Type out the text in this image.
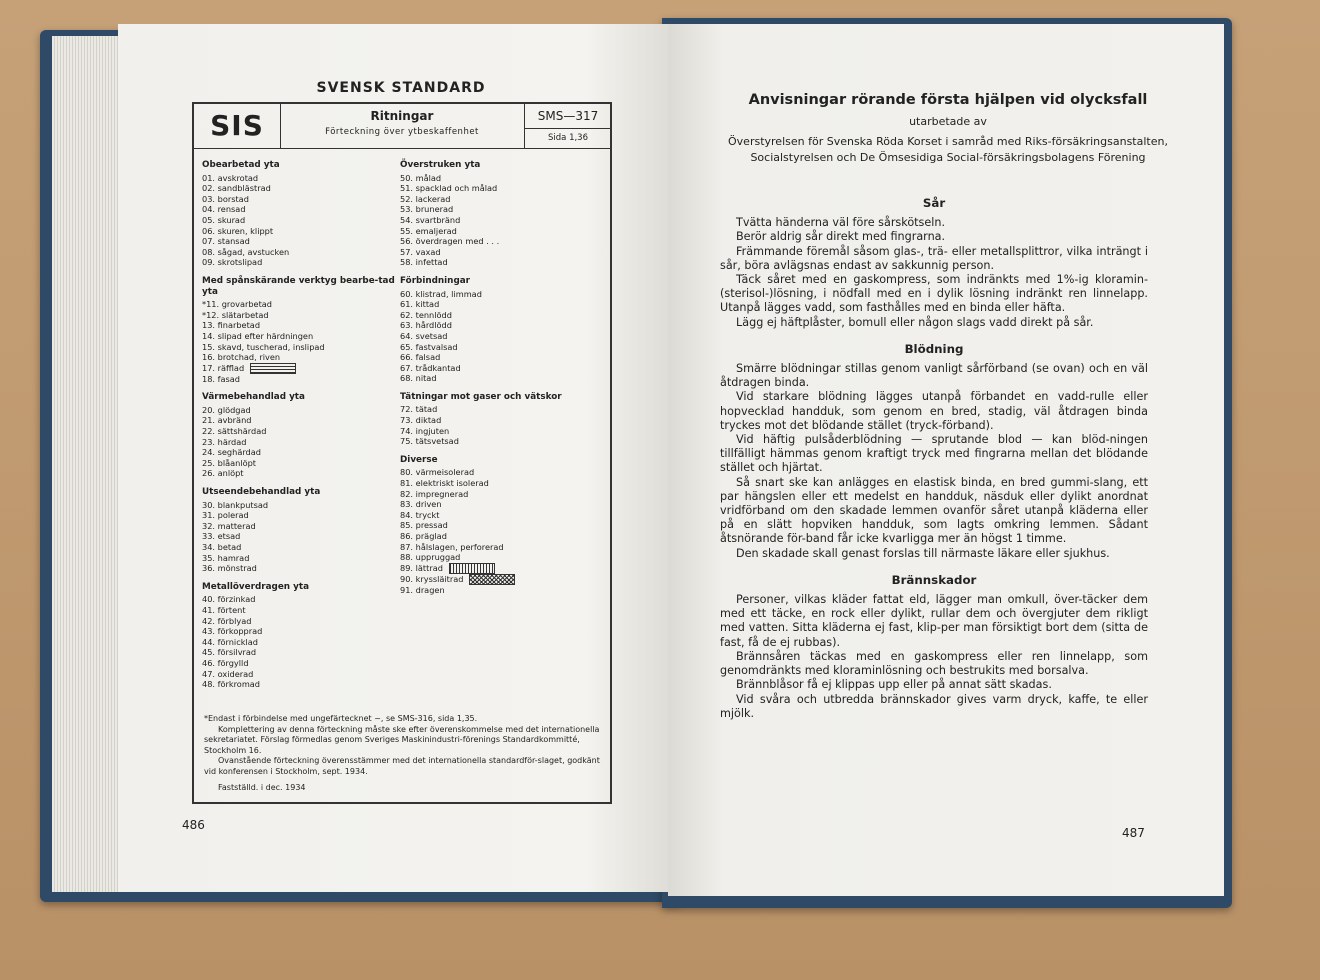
SVENSK STANDARD
SIS	Ritningar
Förteckning över ytbeskaffenhet
SMS—317
Sida 1,36
Obearbetad yta
01. avskrotad
02. sandblästrad
03. borstad
04. rensad
05. skurad
06. skuren, klippt
07. stansad
08. sågad, avstucken
09. skrotslipad
Med spånskärande verktyg bearbe-tad yta
*11. grovarbetad
*12. slätarbetad
13. finarbetad
14. slipad efter härdningen
15. skavd, tuscherad, inslipad
16. brotchad, riven
17. räfflad
18. fasad
Värmebehandlad yta
20. glödgad
21. avbränd
22. sättshärdad
23. härdad
24. seghärdad
25. blåanlöpt
26. anlöpt
Utseendebehandlad yta
30. blankputsad
31. polerad
32. matterad
33. etsad
34. betad
35. hamrad
36. mönstrad
Metallöverdragen yta
40. förzinkad
41. förtent
42. förblyad
43. förkopprad
44. förnicklad
45. försilvrad
46. förgylld
47. oxiderad
48. förkromad
Överstruken yta
50. målad
51. spacklad och målad
52. lackerad
53. brunerad
54. svartbränd
55. emaljerad
56. överdragen med . . .
57. vaxad
58. infettad
Förbindningar
60. klistrad, limmad
61. kittad
62. tennlödd
63. hårdlödd
64. svetsad
65. fastvalsad
66. falsad
67. trådkantad
68. nitad
Tätningar mot gaser och vätskor
72. tätad
73. diktad
74. ingjuten
75. tätsvetsad
Diverse
80. värmeisolerad
81. elektriskt isolerad
82. impregnerad
83. driven
84. tryckt
85. pressad
86. präglad
87. hålslagen, perforerad
88. uppruggad
89. lättrad
90. kryssläitrad
91. dragen

*Endast i förbindelse med ungefärtecknet ~, se SMS-316, sida 1,35.

Komplettering av denna förteckning måste ske efter överenskommelse med det internationella sekretariatet. Förslag förmedlas genom Sveriges Maskinindustri-förenings Standardkommitté, Stockholm 16.

Ovanstående förteckning överensstämmer med det internationella standardför-slaget, godkänt vid konferensen i Stockholm, sept. 1934.

Fastställd. i dec. 1934

486
Anvisningar rörande första hjälpen vid olycksfall
utarbetade av
Överstyrelsen för Svenska Röda Korset i samråd med Riks-försäkringsanstalten, Socialstyrelsen och De Ömsesidiga Social-försäkringsbolagens Förening
Sår

Tvätta händerna väl före sårskötseln.

Berör aldrig sår direkt med fingrarna.

Främmande föremål såsom glas-, trä- eller metallsplittror, vilka inträngt i sår, böra avlägsnas endast av sakkunnig person.

Täck såret med en gaskompress, som indränkts med 1%-ig kloramin-(sterisol-)lösning, i nödfall med en i dylik lösning indränkt ren linnelapp. Utanpå lägges vadd, som fasthålles med en binda eller häfta.

Lägg ej häftplåster, bomull eller någon slags vadd direkt på sår.

Blödning

Smärre blödningar stillas genom vanligt sårförband (se ovan) och en väl åtdragen binda.

Vid starkare blödning lägges utanpå förbandet en vadd-rulle eller hopvecklad handduk, som genom en bred, stadig, väl åtdragen binda tryckes mot det blödande stället (tryck-förband).

Vid häftig pulsåderblödning — sprutande blod — kan blöd-ningen tillfälligt hämmas genom kraftigt tryck med fingrarna mellan det blödande stället och hjärtat.

Så snart ske kan anlägges en elastisk binda, en bred gummi-slang, ett par hängslen eller ett medelst en handduk, näsduk eller dylikt anordnat vridförband om den skadade lemmen ovanför såret utanpå kläderna eller på en slätt hopviken handduk, som lagts omkring lemmen. Sådant åtsnörande för-band får icke kvarligga mer än högst 1 timme.

Den skadade skall genast forslas till närmaste läkare eller sjukhus.

Brännskador

Personer, vilkas kläder fattat eld, lägger man omkull, över-täcker dem med ett täcke, en rock eller dylikt, rullar dem och övergjuter dem rikligt med vatten. Sitta kläderna ej fast, klip-per man försiktigt bort dem (sitta de fast, få de ej rubbas).

Brännsåren täckas med en gaskompress eller ren linnelapp, som genomdränkts med kloraminlösning och bestrukits med borsalva.

Brännblåsor få ej klippas upp eller på annat sätt skadas.

Vid svåra och utbredda brännskador gives varm dryck, kaffe, te eller mjölk.

487
